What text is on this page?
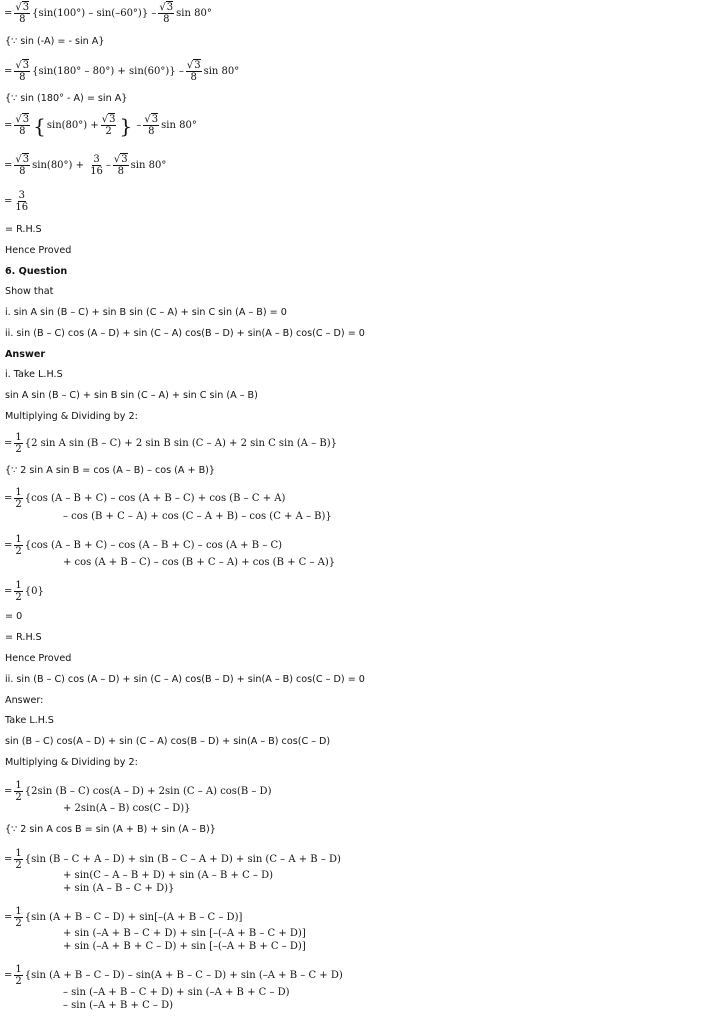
= $\frac{√3}{8}$ { $\sin(100^\circ) - \sin(-60^\circ)\} - \frac{√3}{8}$ sin 80°
{∵ sin (-A) = - sin A}
= $\frac{√3}{8}$ { $\sin(180^\circ - 80^\circ) + \sin(60^\circ)\} - \frac{√3}{8}$ sin 80°
{∵ sin (180° - A) = sin A}
= $\frac{√3}{8}$ { $\sin(80^\circ) + \frac{√3}{2}$ } – $\frac{√3}{8}$ sin 80°
= $\frac{√3}{8} \sin(80^\circ)$ +
$\frac{3}{16} - \frac{√3}{8}$ sin 80°
= $\frac{3}{16}$
= R.H.S
Hence Proved
6. Question
Show that
i. sin A sin (B – C) + sin B sin (C – A) + sin C sin (A – B) = 0
ii. sin (B – C) cos (A – D) + sin (C – A) cos(B – D) + sin(A – B) cos(C – D) = 0
Answer
i. Take L.H.S
sin A sin (B – C) + sin B sin (C – A) + sin C sin (A – B)
Multiplying & Dividing by 2:
= $\frac{1}{2} \{2$ sin A sin (B – C) + 2 sin B sin (C – A) + 2 sin C sin (A – B)}
{∵ 2 sin A sin B = cos (A – B) – cos (A + B)}
= $\frac{1}{2} \{\cos$ (A – B + C) – cos (A + B – C) + cos (B – C + A)
– cos (B + C – A) + cos (C – A + B) – cos (C + A – B)}
= $\frac{1}{2} \{\cos$ (A – B + C) – cos (A – B + C) – cos (A + B – C)
+ cos (A + B – C) – cos (B + C – A) + cos (B + C – A)}
= $\frac{1}{2} \{0\}$
= 0
= R.H.S
Hence Proved
ii. sin (B – C) cos (A – D) + sin (C – A) cos(B – D) + sin(A – B) cos(C – D) = 0
Answer:
Take L.H.S
sin (B – C) cos(A – D) + sin (C – A) cos(B – D) + sin(A – B) cos(C – D)
Multiplying & Dividing by 2:
= $\frac{1}{2} \{2\sin$ (B – C) cos(A – D) + 2sin (C – A) cos(B – D)
+ 2sin(A – B) cos(C – D)}
{∵ 2 sin A cos B = sin (A + B) + sin (A – B)}
= $\frac{1}{2} \{\sin$ (B – C + A – D) + sin (B – C – A + D) + sin (C – A + B – D)
+ sin(C – A – B + D) + sin (A – B + C – D)
+ sin (A – B – C + D)}
= $\frac{1}{2} \{\sin$ (A + B – C – D) + sin[–(A + B – C – D)]
+ sin (–A + B – C + D) + sin [–(–A + B – C + D)]
+ sin (–A + B + C – D) + sin [–(–A + B + C – D)]
= $\frac{1}{2} \{\sin$ (A + B – C – D) – sin(A + B – C – D) + sin (–A + B – C + D)
– sin (–A + B – C + D) + sin (–A + B + C – D)
– sin (–A + B + C – D)
